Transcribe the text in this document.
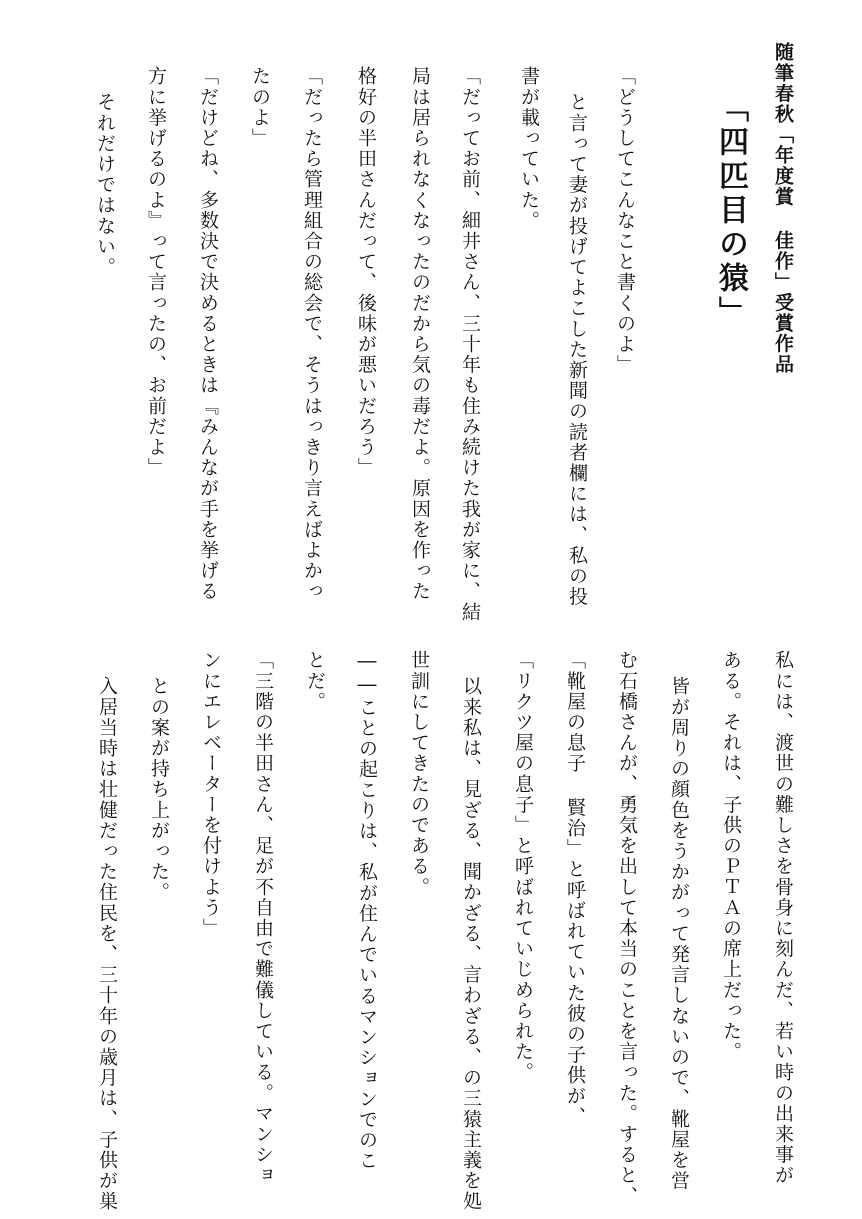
随筆春秋「年度賞 佳作」受賞作品
「四匹目の猿」
「どうしてこんなこと書くのよ」
と言って妻が投げてよこした新聞の読者欄には、私の投
書が載っていた。
「だってお前、細井さん、三十年も住み続けた我が家に、結
局は居られなくなったのだから気の毒だよ。原因を作った
格好の半田さんだって、後味が悪いだろう」
「だったら管理組合の総会で、そうはっきり言えばよかっ
たのよ」
「だけどね、多数決で決めるときは『みんなが手を挙げる
方に挙げるのよ』って言ったの、お前だよ」
それだけではない。
私には、渡世の難しさを骨身に刻んだ、若い時の出来事が
ある。それは、子供のＰＴＡの席上だった。
皆が周りの顔色をうかがって発言しないので、靴屋を営
む石橋さんが、勇気を出して本当のことを言った。すると、
「靴屋の息子 賢治」と呼ばれていた彼の子供が、
「リクツ屋の息子」と呼ばれていじめられた。
以来私は、見ざる、聞かざる、言わざる、の三猿主義を処
世訓にしてきたのである。
――ことの起こりは、私が住んでいるマンションでのこ
とだ。
「三階の半田さん、足が不自由で難儀している。マンショ
ンにエレベーターを付けよう」
との案が持ち上がった。
入居当時は壮健だった住民を、三十年の歳月は、子供が巣
